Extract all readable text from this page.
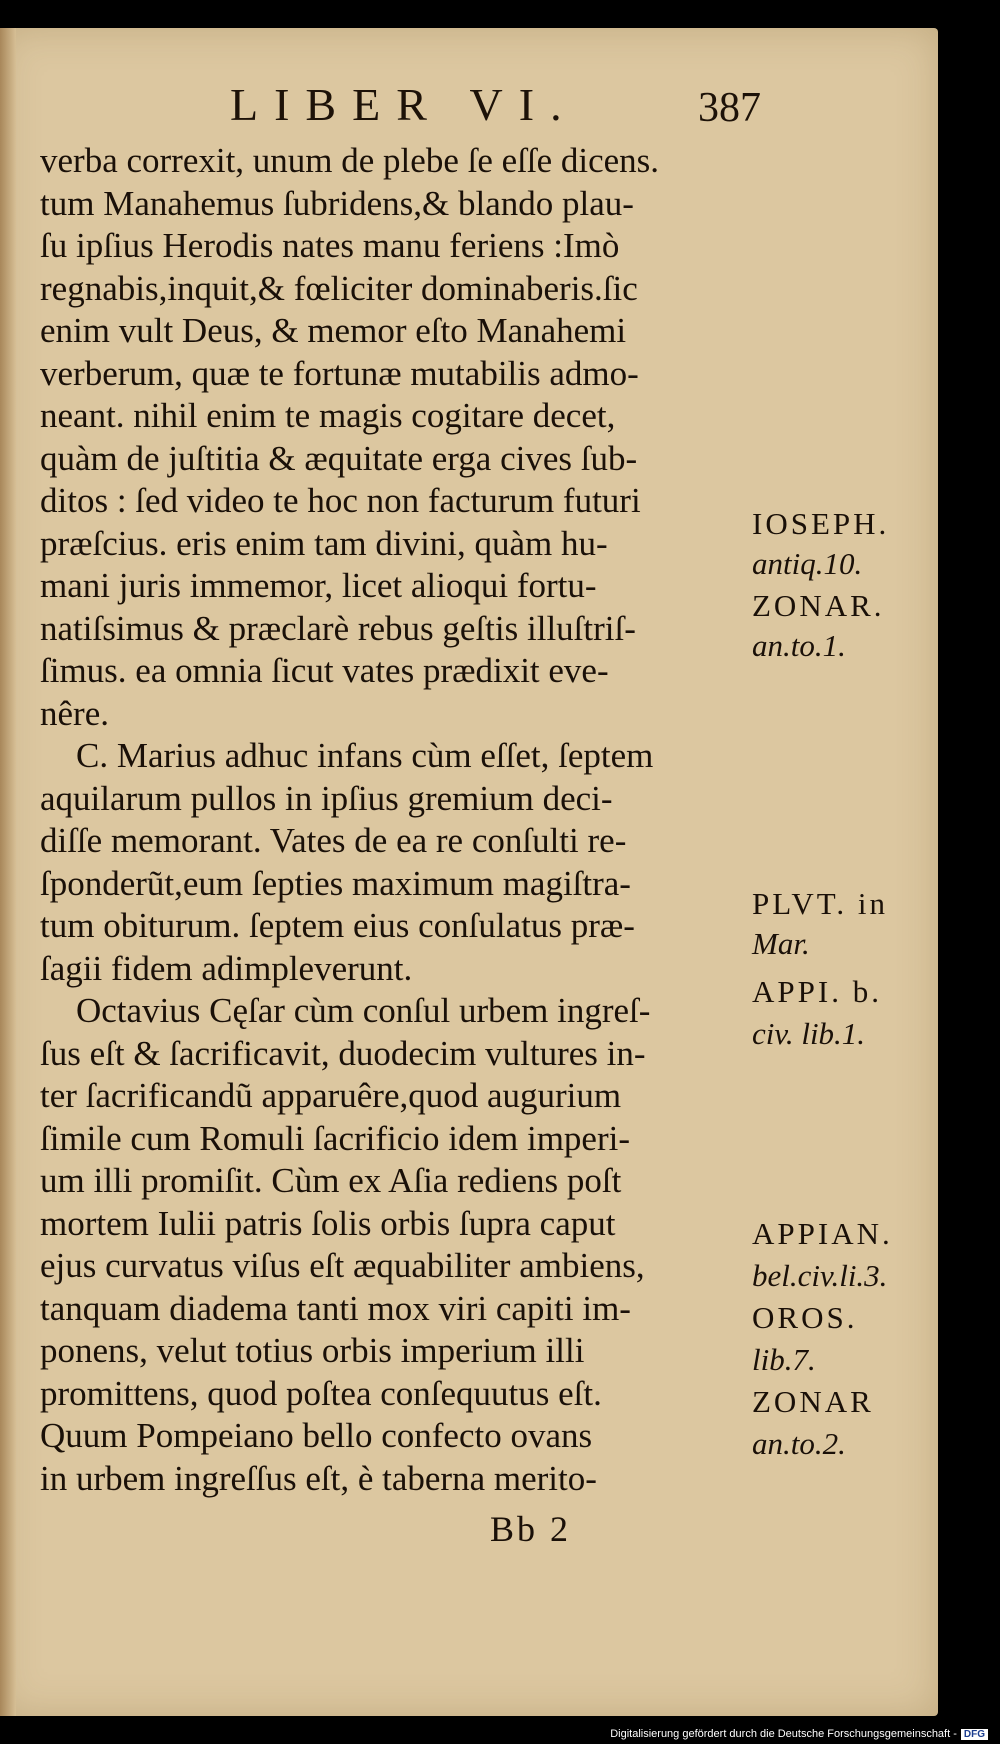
LIBER VI.	387
verba correxit, unum de plebe ſe eſſe dicens.
tum Manahemus ſubridens,& blando plau-
ſu ipſius Herodis nates manu feriens :Imò
regnabis,inquit,& fœliciter dominaberis.ſic
enim vult Deus, & memor eſto Manahemi
verberum, quæ te fortunæ mutabilis admo-
neant. nihil enim te magis cogitare decet,
quàm de juſtitia & æquitate erga cives ſub-
ditos : ſed video te hoc non factu͏rum futuri
præſcius. eris enim tam divini, quàm hu-
mani juris immemor, licet alioqui fortu-
natiſsimus & præclarè rebus geſtis illuſtriſ-
ſimus. ea omnia ſicut vates prædixit eve-
nêre.
C. Marius adhuc infans cùm eſſet, ſeptem
aquilarum pullos in ipſius gremium deci-
diſſe memorant. Vates de ea re conſulti re-
ſponderũt,eum ſepties maximum magiſtra-
tum obiturum. ſeptem eius conſulatus præ-
ſagii fidem adimpleverunt.
Octavius Cęſar cùm conſul urbem ingreſ-
ſus eſt & ſacrificavit, duodecim vultures in-
ter ſacrificandũ apparuêre,quod augurium
ſimile cum Romuli ſacrificio idem imperi-
um illi promiſit. Cùm ex Aſia rediens poſt
mortem Iulii patris ſolis orbis ſupra caput
ejus curvatus viſus eſt æquabiliter ambiens,
tanquam diadema tanti mox viri capiti im-
ponens, velut totius orbis imperium illi
promittens, quod poſtea conſequutus eſt.
Quum Pompeiano bello confecto ovans
in urbem ingreſſus eſt, è taberna merito-
IOSEPH.
antiq.10.
ZONAR.
an.to.1.
PLVT. in
Mar.
APPI. b.
civ. lib.1.
APPIAN.
bel.civ.li.3.
OROS.
lib.7.
ZONAR
an.to.2.
Bb 2
Digitalisierung gefördert durch die Deutsche Forschungsgemeinschaft - DFG
